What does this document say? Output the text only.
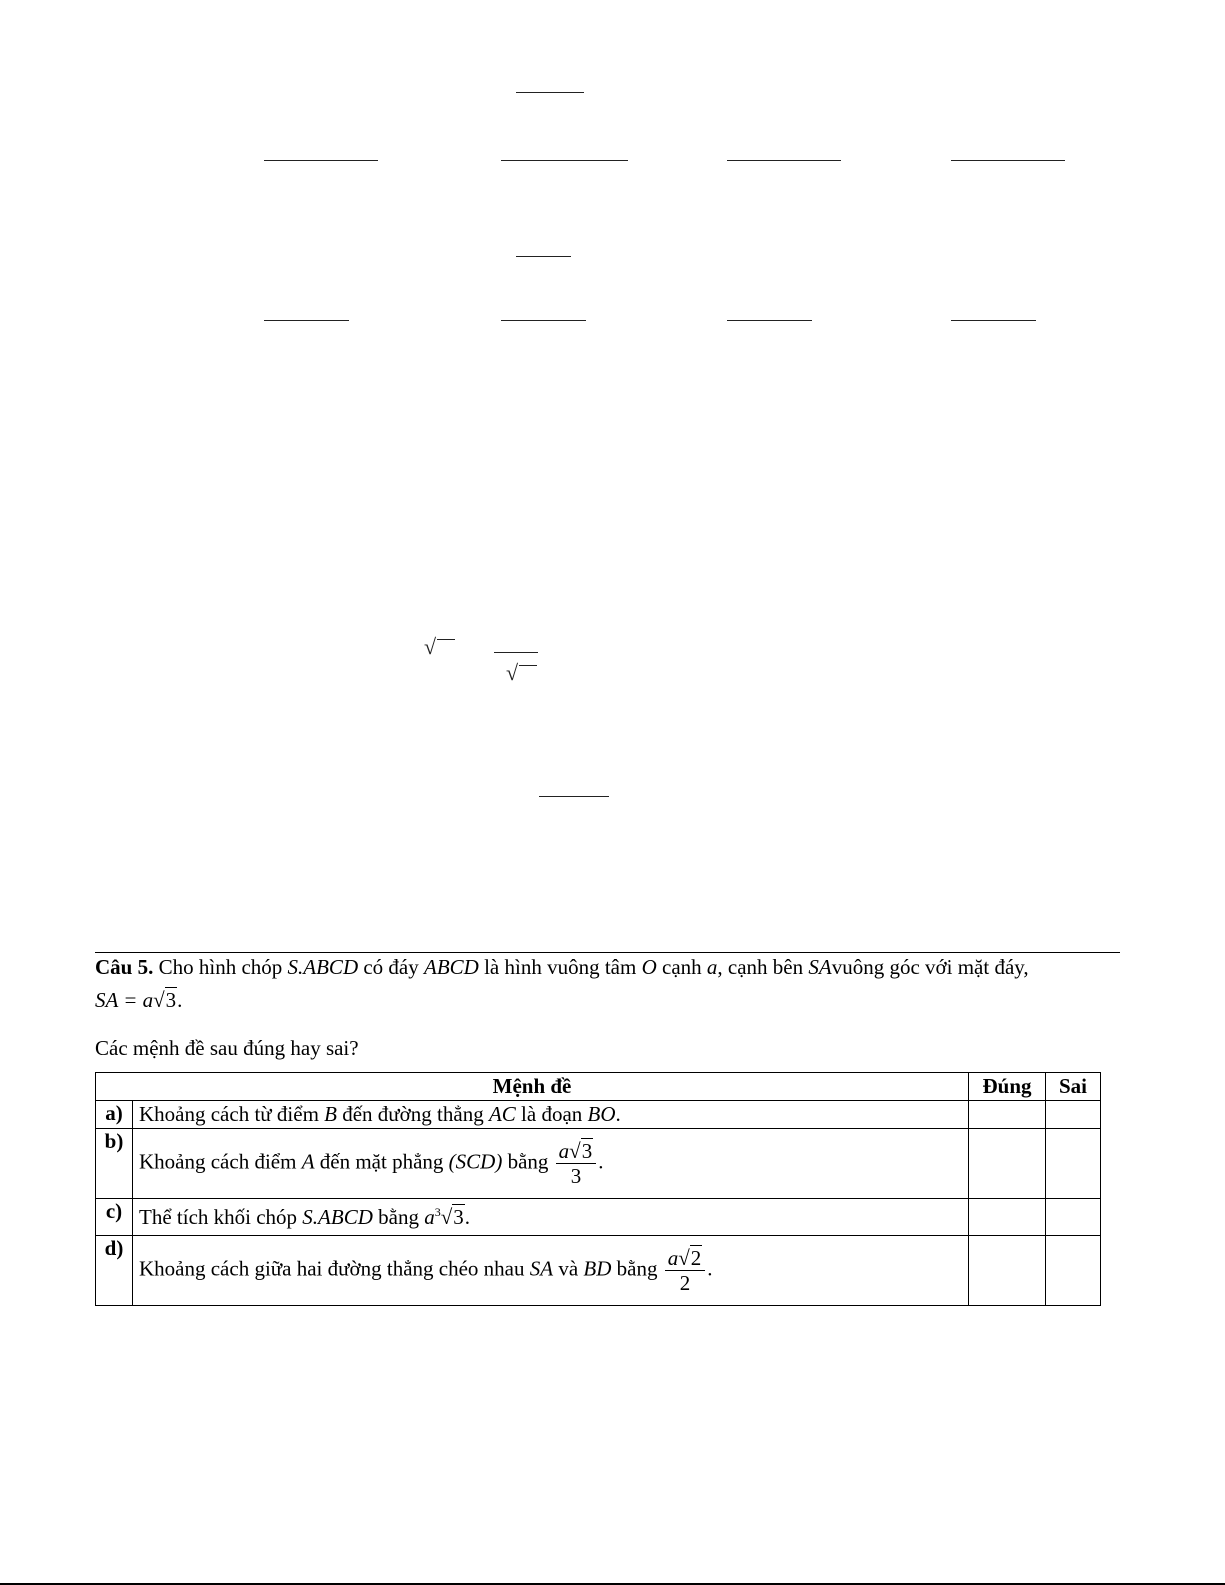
√
√
Câu 5. Cho hình chóp S.ABCD có đáy ABCD là hình vuông tâm O cạnh a, cạnh bên SAvuông góc với mặt đáy,
SA = a√3.
Các mệnh đề sau đúng hay sai?
Mệnh đề		Đúng	Sai
a)	Khoảng cách từ điểm B đến đường thẳng AC là đoạn BO.		
b)	Khoảng cách điểm A đến mặt phẳng (SCD) bằng $\frac{a√3}{3}$ .		
c)	Thể tích khối chóp S.ABCD bằng $a^3√3$.		
d)	Khoảng cách giữa hai đường thẳng chéo nhau SA và BD bằng $\frac{a√2}{2}$ .		
